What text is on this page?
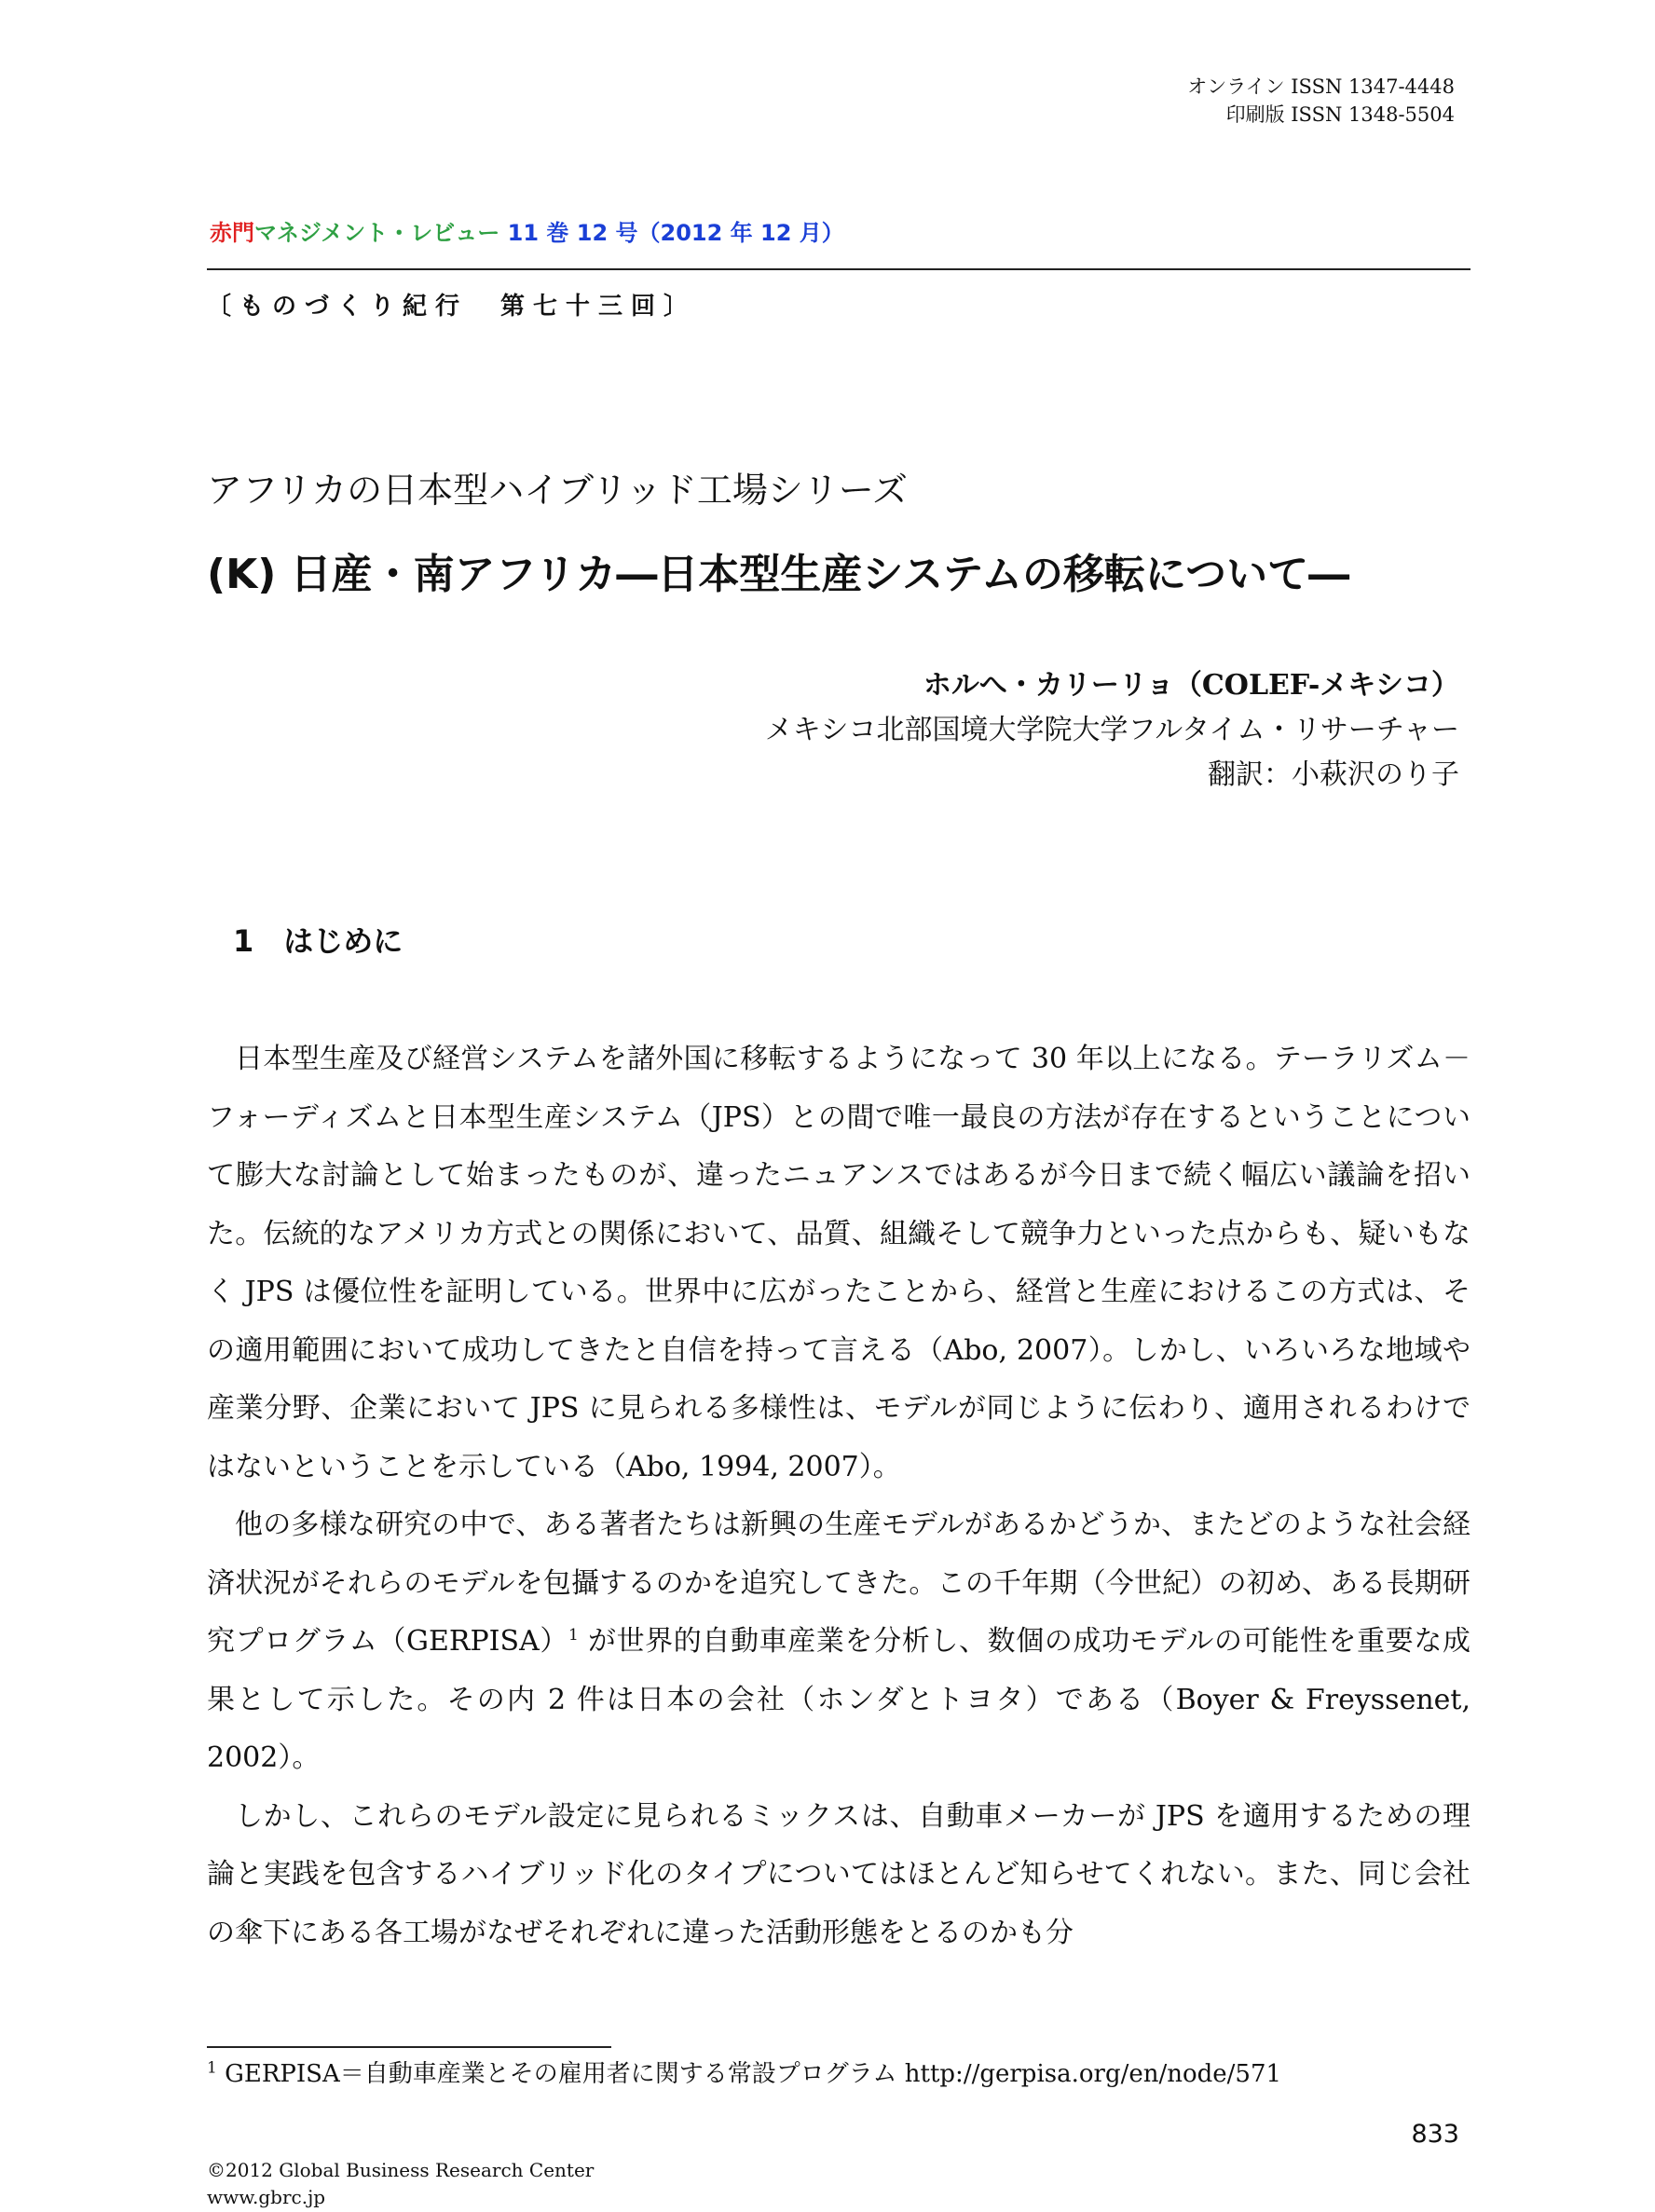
オンライン ISSN 1347-4448
印刷版 ISSN 1348-5504
赤門マネジメント・レビュー 11 巻 12 号（2012 年 12 月）
〔ものづくり紀行　第七十三回〕
アフリカの日本型ハイブリッド工場シリーズ
(K) 日産・南アフリカ―日本型生産システムの移転について―
ホルへ・カリーリョ（COLEF-メキシコ）
メキシコ北部国境大学院大学フルタイム・リサーチャー
翻訳：小萩沢のり子
1　はじめに

日本型生産及び経営システムを諸外国に移転するようになって 30 年以上になる。テーラリズム－フォーディズムと日本型生産システム（JPS）との間で唯一最良の方法が存在するということについて膨大な討論として始まったものが、違ったニュアンスではあるが今日まで続く幅広い議論を招いた。伝統的なアメリカ方式との関係において、品質、組織そして競争力といった点からも、疑いもなく JPS は優位性を証明している。世界中に広がったことから、経営と生産におけるこの方式は、その適用範囲において成功してきたと自信を持って言える（Abo, 2007）。しかし、いろいろな地域や産業分野、企業において JPS に見られる多様性は、モデルが同じように伝わり、適用されるわけではないということを示している（Abo, 1994, 2007）。

他の多様な研究の中で、ある著者たちは新興の生産モデルがあるかどうか、またどのような社会経済状況がそれらのモデルを包攝するのかを追究してきた。この千年期（今世紀）の初め、ある長期研究プログラム（GERPISA）$^1$ が世界的自動車産業を分析し、数個の成功モデルの可能性を重要な成果として示した。その内 2 件は日本の会社（ホンダとトヨタ）である（Boyer & Freyssenet, 2002）。

しかし、これらのモデル設定に見られるミックスは、自動車メーカーが JPS を適用するための理論と実践を包含するハイブリッド化のタイプについてはほとんど知らせてくれない。また、同じ会社の傘下にある各工場がなぜそれぞれに違った活動形態をとるのかも分

$^1$ GERPISA＝自動車産業とその雇用者に関する常設プログラム http://gerpisa.org/en/node/571
833
©2012 Global Business Research Center
www.gbrc.jp
